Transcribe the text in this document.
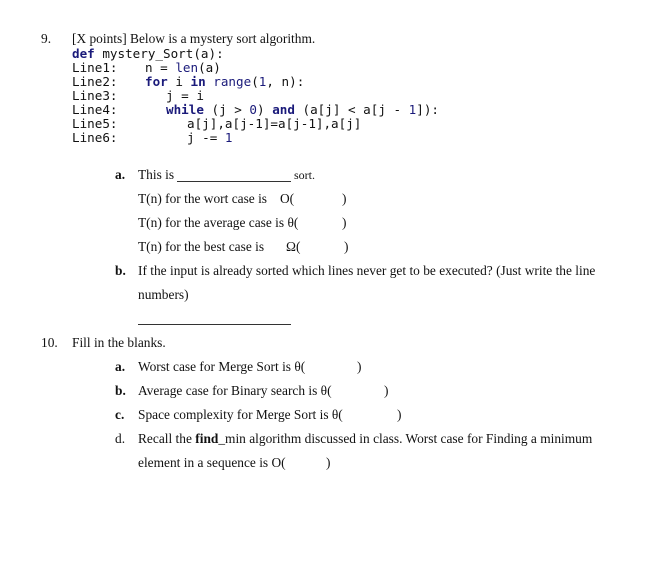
9. [X points] Below is a mystery sort algorithm.
def mystery_Sort(a):
Line1: n = len(a)
Line2: for i in range(1, n):
Line3:	j = i
Line4:	while (j > 0) and (a[j] < a[j - 1]):
Line5:	a[j],a[j-1]=a[j-1],a[j]
Line6:	j -= 1
a. This is	sort.
T(n) for the wort case is O(	)
T(n) for the average case is θ(	)
T(n) for the best case is Ω(	)
b. If the input is already sorted which lines never get to be executed? (Just write the line
numbers)
10. Fill in the blanks.
a. Worst case for Merge Sort is θ(	)
b. Average case for Binary search is θ(	)
c. Space complexity for Merge Sort is θ(	)
d. Recall the find_min algorithm discussed in class. Worst case for Finding a minimum
element in a sequence is O(	)
